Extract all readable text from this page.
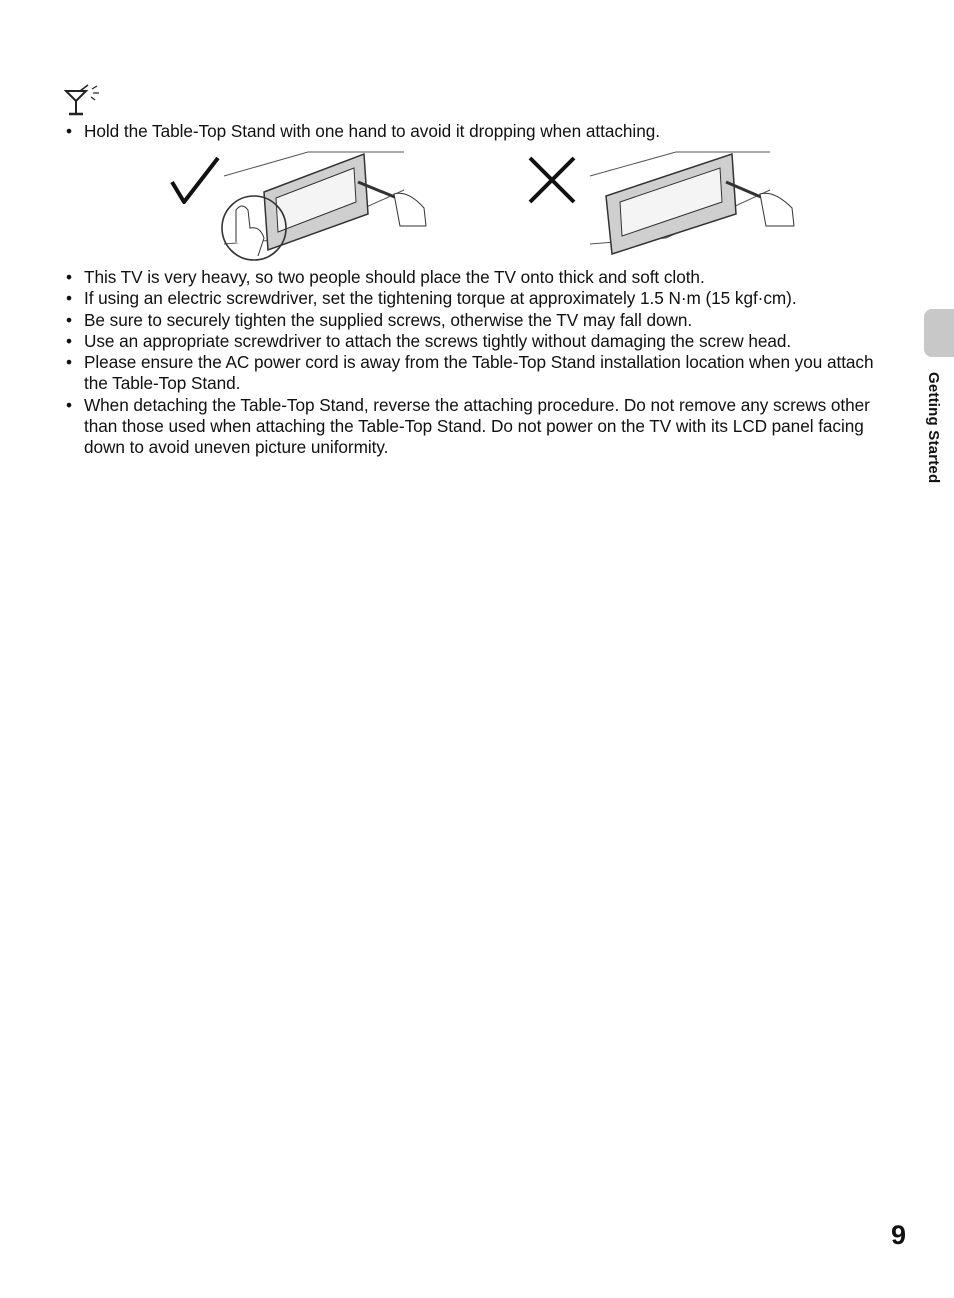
• Hold the Table-Top Stand with one hand to avoid it dropping when attaching.
• This TV is very heavy, so two people should place the TV onto thick and soft cloth.
• If using an electric screwdriver, set the tightening torque at approximately 1.5 N·m (15 kgf·cm).
• Be sure to securely tighten the supplied screws, otherwise the TV may fall down.
• Use an appropriate screwdriver to attach the screws tightly without damaging the screw head.
• Please ensure the AC power cord is away from the Table-Top Stand installation location when you attach the Table-Top Stand.
• When detaching the Table-Top Stand, reverse the attaching procedure. Do not remove any screws other than those used when attaching the Table-Top Stand. Do not power on the TV with its LCD panel facing down to avoid uneven picture uniformity.	Getting Started
9
